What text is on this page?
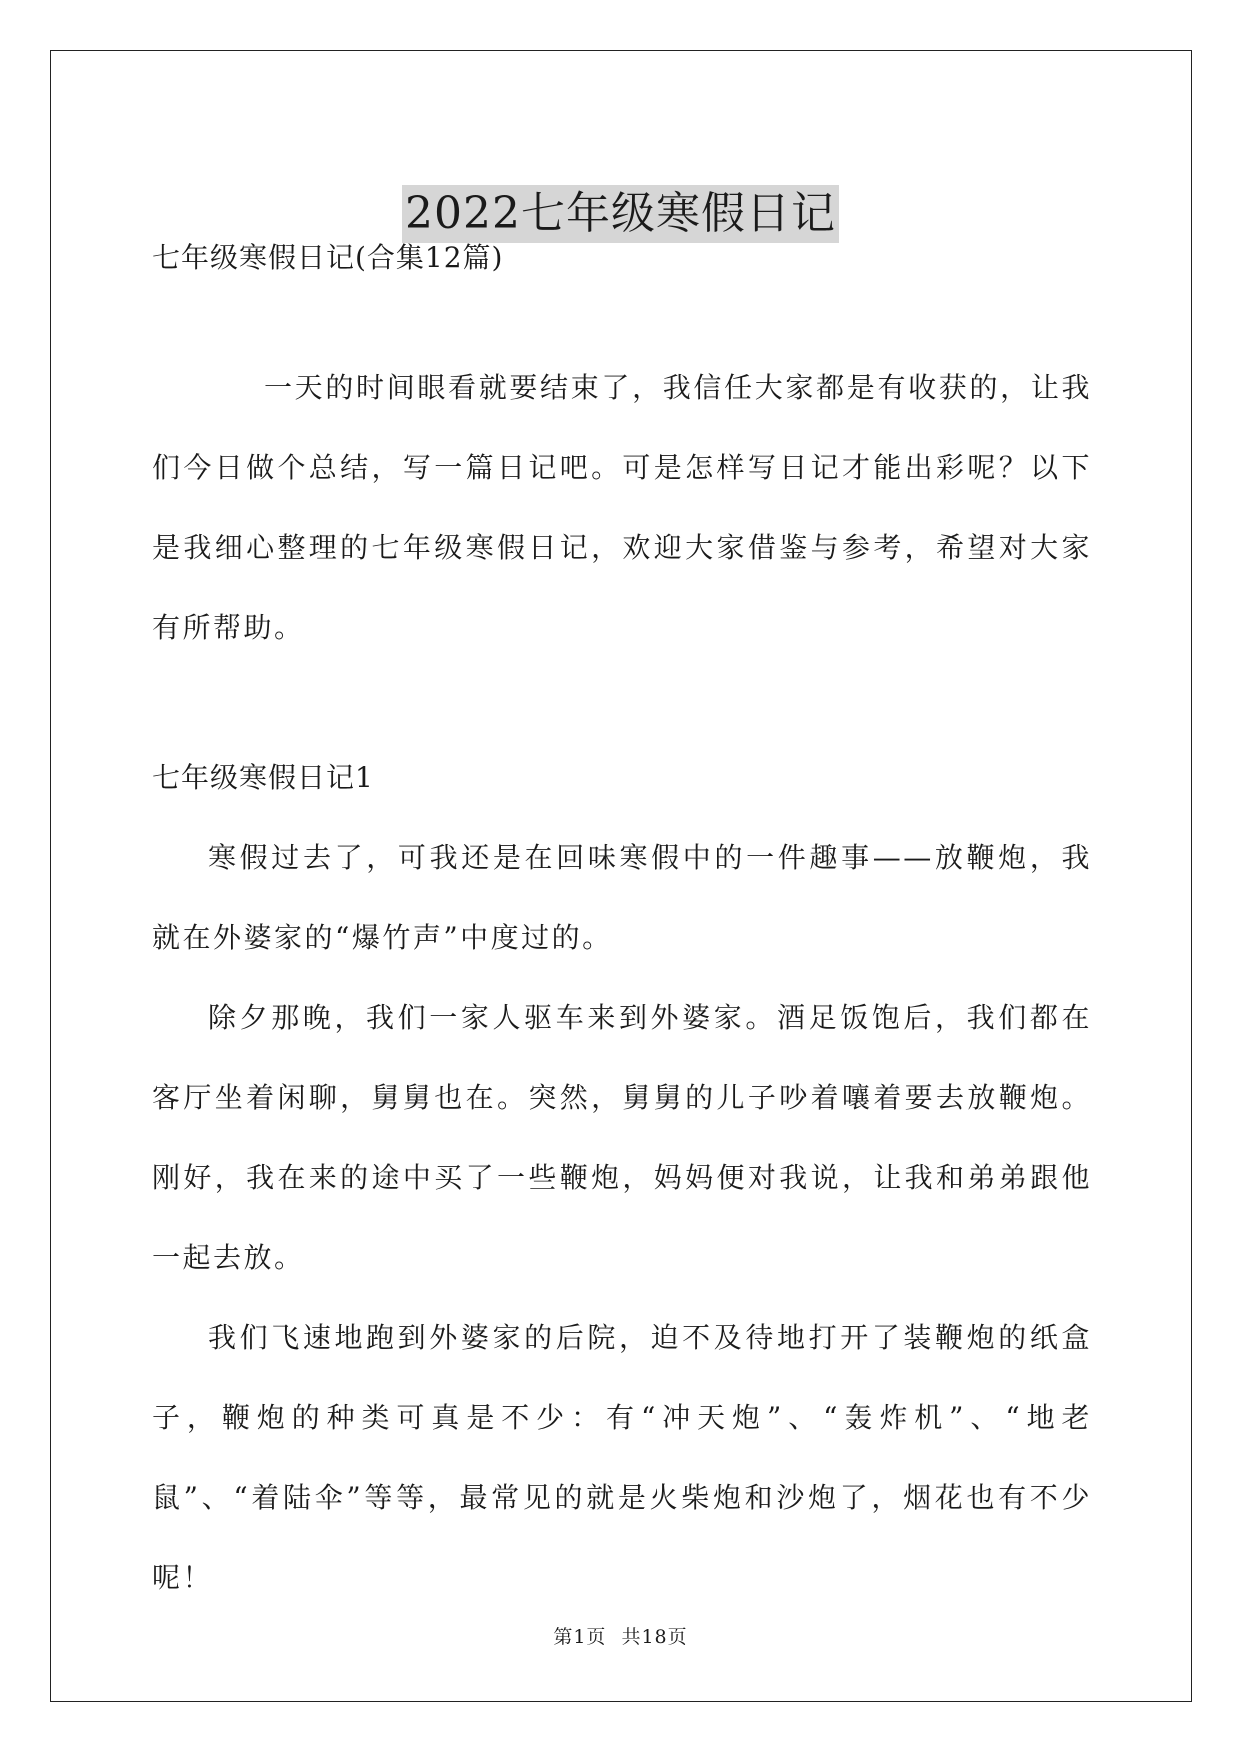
2022七年级寒假日记
七年级寒假日记(合集12篇)

一天的时间眼看就要结束了，我信任大家都是有收获的，让我们今日做个总结，写一篇日记吧。可是怎样写日记才能出彩呢？以下是我细心整理的七年级寒假日记，欢迎大家借鉴与参考，希望对大家有所帮助。

七年级寒假日记1

寒假过去了，可我还是在回味寒假中的一件趣事——放鞭炮，我就在外婆家的“爆竹声”中度过的。

除夕那晚，我们一家人驱车来到外婆家。酒足饭饱后，我们都在客厅坐着闲聊，舅舅也在。突然，舅舅的儿子吵着嚷着要去放鞭炮。刚好，我在来的途中买了一些鞭炮，妈妈便对我说，让我和弟弟跟他一起去放。

我们飞速地跑到外婆家的后院，迫不及待地打开了装鞭炮的纸盒子，鞭炮的种类可真是不少：有“冲天炮”、“轰炸机”、“地老鼠”、“着陆伞”等等，最常见的就是火柴炮和沙炮了，烟花也有不少呢！

第1页 共18页
